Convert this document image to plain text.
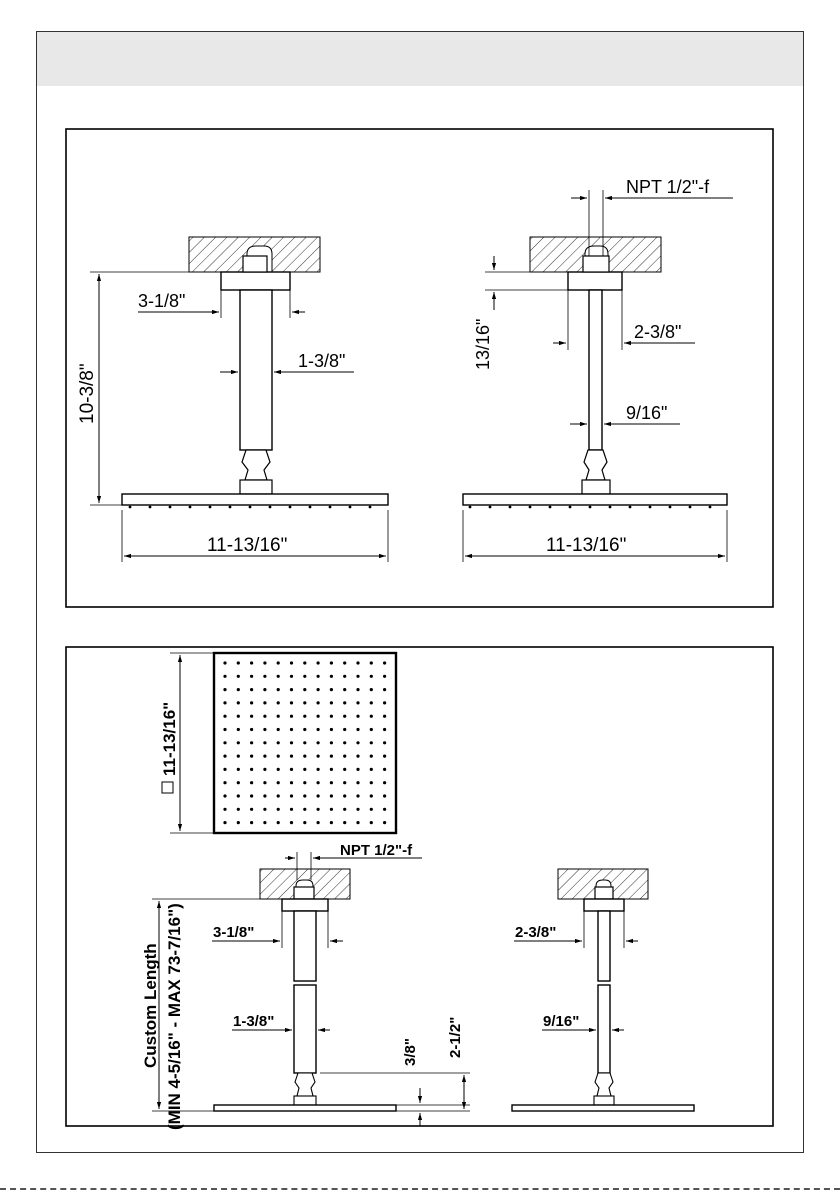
3-1/8"
1-3/8"
10-3/8"
11-13/16"
NPT 1/2"-f
13/16"	2-3/8"
9/16"
11-13/16"
11-13/16"
NPT 1/2"-f
Custom Length (MIN 4-5/16" - MAX 73-7/16") 3-1/8"
1-3/8"
3/8" 2-1/2"
2-3/8"
9/16"
